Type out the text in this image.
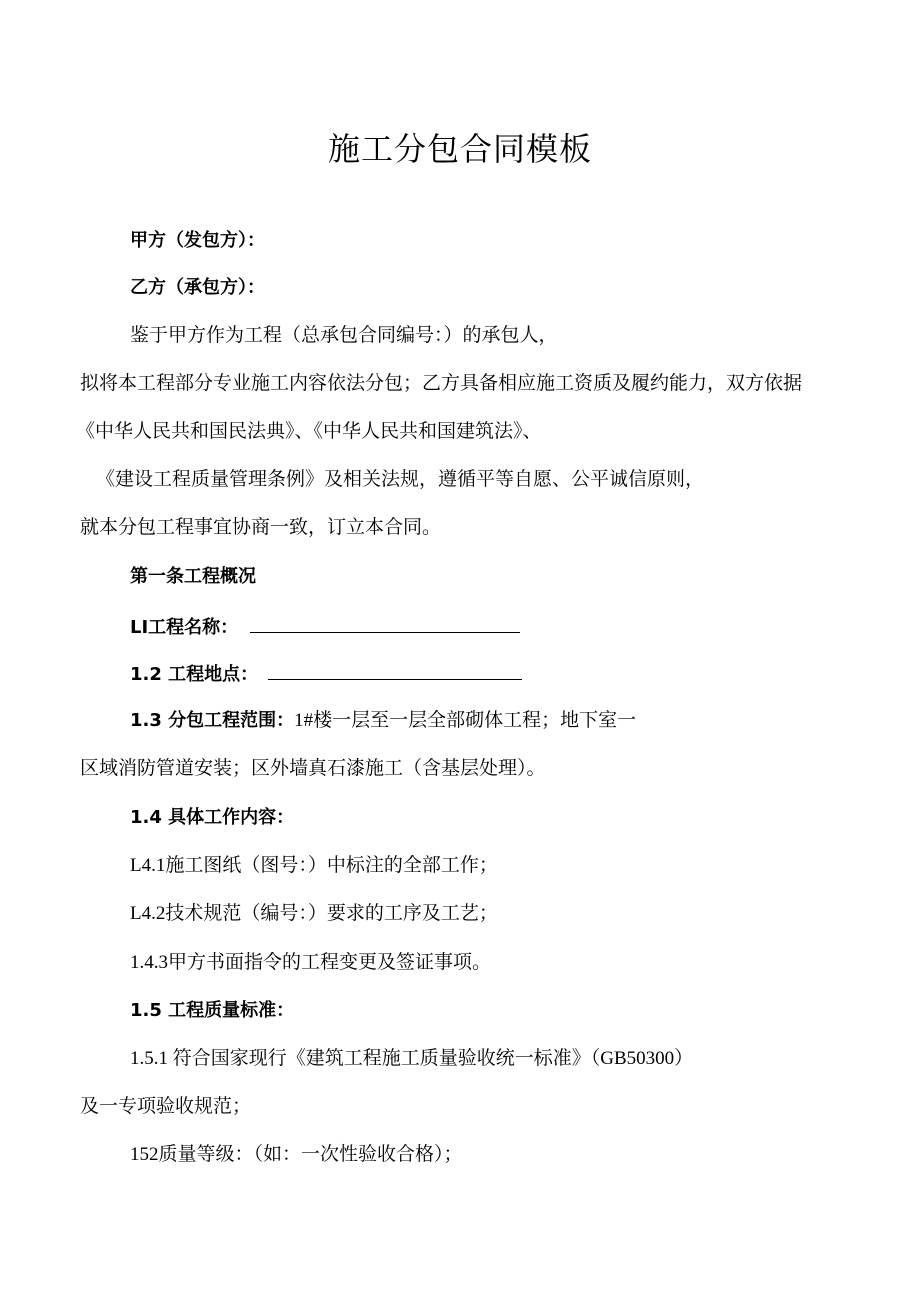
施工分包合同模板
甲方（发包方）：
乙方（承包方）：
鉴于甲方作为工程（总承包合同编号：）的承包人，
拟将本工程部分专业施工内容依法分包；乙方具备相应施工资质及履约能力，双方依据
《中华人民共和国民法典》、《中华人民共和国建筑法》、
《建设工程质量管理条例》及相关法规，遵循平等自愿、公平诚信原则，
就本分包工程事宜协商一致，订立本合同。
第一条工程概况
LI工程名称：
1.2 工程地点：
1.3 分包工程范围：1#楼一层至一层全部砌体工程；地下室一
区域消防管道安装；区外墙真石漆施工（含基层处理）。
1.4 具体工作内容：
L4.1施工图纸（图号：）中标注的全部工作；
L4.2技术规范（编号：）要求的工序及工艺；
1.4.3甲方书面指令的工程变更及签证事项。
1.5 工程质量标准：
1.5.1 符合国家现行《建筑工程施工质量验收统一标准》（GB50300）
及一专项验收规范；
152质量等级：（如：一次性验收合格）；
